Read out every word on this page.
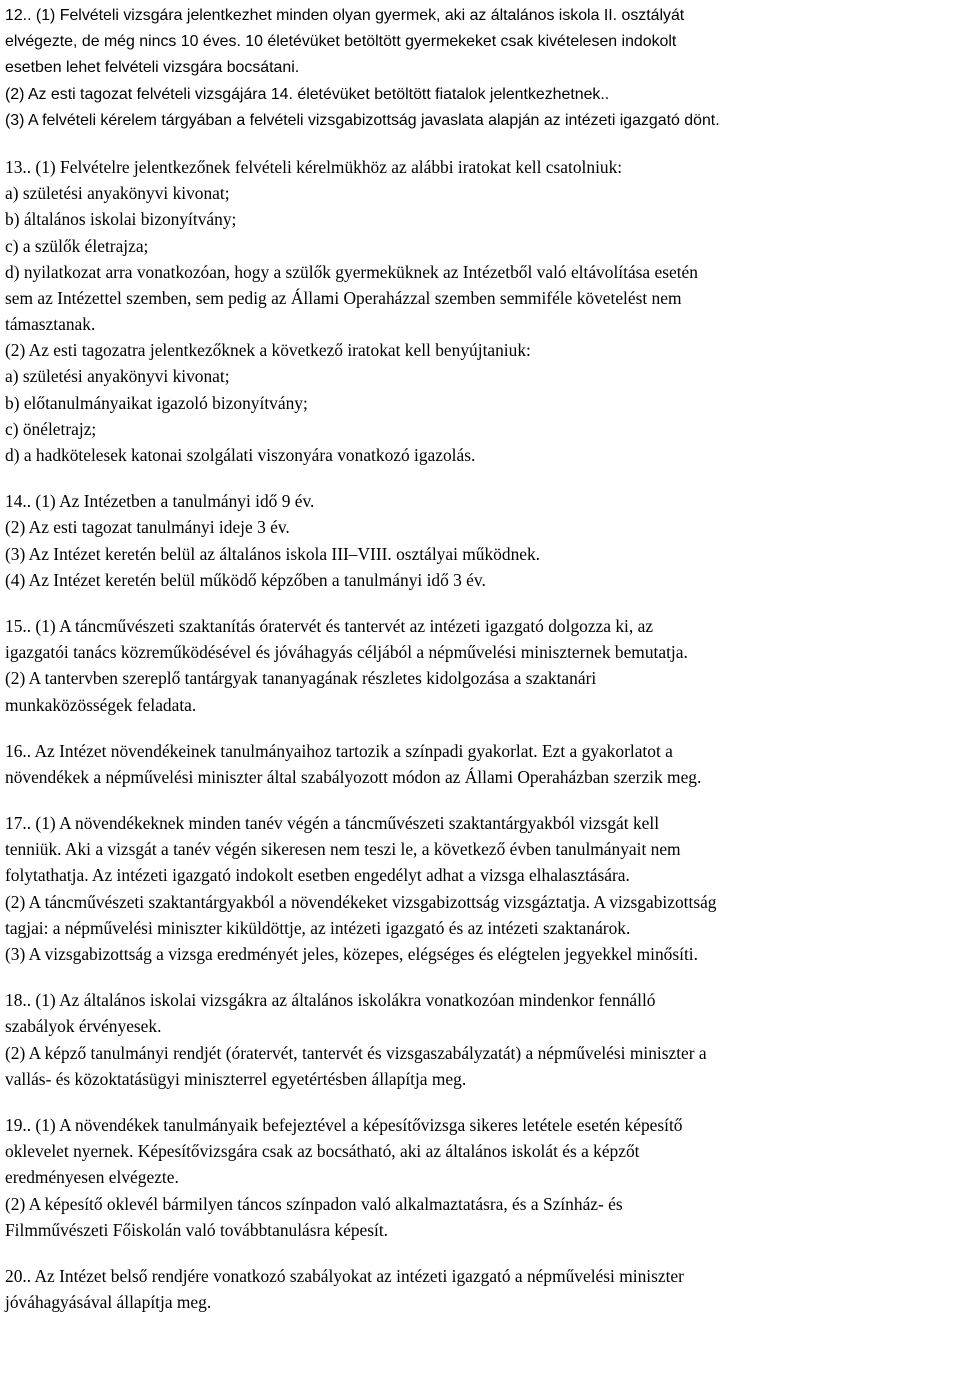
12.. (1) Felvételi vizsgára jelentkezhet minden olyan gyermek, aki az általános iskola II. osztályát
elvégezte, de még nincs 10 éves. 10 életévüket betöltött gyermekeket csak kivételesen indokolt
esetben lehet felvételi vizsgára bocsátani.
(2) Az esti tagozat felvételi vizsgájára 14. életévüket betöltött fiatalok jelentkezhetnek..
(3) A felvételi kérelem tárgyában a felvételi vizsgabizottság javaslata alapján az intézeti igazgató dönt.
13.. (1) Felvételre jelentkezőnek felvételi kérelmükhöz az alábbi iratokat kell csatolniuk:
a) születési anyakönyvi kivonat;
b) általános iskolai bizonyítvány;
c) a szülők életrajza;
d) nyilatkozat arra vonatkozóan, hogy a szülők gyermeküknek az Intézetből való eltávolítása esetén
sem az Intézettel szemben, sem pedig az Állami Operaházzal szemben semmiféle követelést nem
támasztanak.
(2) Az esti tagozatra jelentkezőknek a következő iratokat kell benyújtaniuk:
a) születési anyakönyvi kivonat;
b) előtanulmányaikat igazoló bizonyítvány;
c) önéletrajz;
d) a hadkötelesek katonai szolgálati viszonyára vonatkozó igazolás.
14.. (1) Az Intézetben a tanulmányi idő 9 év.
(2) Az esti tagozat tanulmányi ideje 3 év.
(3) Az Intézet keretén belül az általános iskola III–VIII. osztályai működnek.
(4) Az Intézet keretén belül működő képzőben a tanulmányi idő 3 év.
15.. (1) A táncművészeti szaktanítás óratervét és tantervét az intézeti igazgató dolgozza ki, az
igazgatói tanács közreműködésével és jóváhagyás céljából a népművelési miniszternek bemutatja.
(2) A tantervben szereplő tantárgyak tananyagának részletes kidolgozása a szaktanári
munkaközösségek feladata.
16.. Az Intézet növendékeinek tanulmányaihoz tartozik a színpadi gyakorlat. Ezt a gyakorlatot a
növendékek a népművelési miniszter által szabályozott módon az Állami Operaházban szerzik meg.
17.. (1) A növendékeknek minden tanév végén a táncművészeti szaktantárgyakból vizsgát kell
tenniük. Aki a vizsgát a tanév végén sikeresen nem teszi le, a következő évben tanulmányait nem
folytathatja. Az intézeti igazgató indokolt esetben engedélyt adhat a vizsga elhalasztására.
(2) A táncművészeti szaktantárgyakból a növendékeket vizsgabizottság vizsgáztatja. A vizsgabizottság
tagjai: a népművelési miniszter kiküldöttje, az intézeti igazgató és az intézeti szaktanárok.
(3) A vizsgabizottság a vizsga eredményét jeles, közepes, elégséges és elégtelen jegyekkel minősíti.
18.. (1) Az általános iskolai vizsgákra az általános iskolákra vonatkozóan mindenkor fennálló
szabályok érvényesek.
(2) A képző tanulmányi rendjét (óratervét, tantervét és vizsgaszabályzatát) a népművelési miniszter a
vallás- és közoktatásügyi miniszterrel egyetértésben állapítja meg.
19.. (1) A növendékek tanulmányaik befejeztével a képesítővizsga sikeres letétele esetén képesítő
oklevelet nyernek. Képesítővizsgára csak az bocsátható, aki az általános iskolát és a képzőt
eredményesen elvégezte.
(2) A képesítő oklevél bármilyen táncos színpadon való alkalmaztatásra, és a Színház- és
Filmművészeti Főiskolán való továbbtanulásra képesít.
20.. Az Intézet belső rendjére vonatkozó szabályokat az intézeti igazgató a népművelési miniszter
jóváhagyásával állapítja meg.
